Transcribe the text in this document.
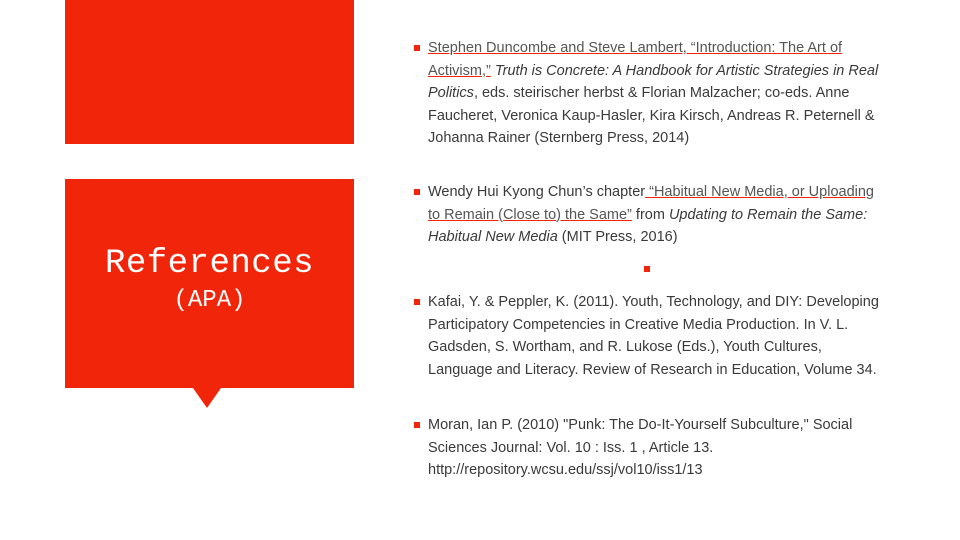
References
(APA)
Stephen Duncombe and Steve Lambert, “Introduction: The Art of Activism,” Truth is Concrete: A Handbook for Artistic Strategies in Real Politics, eds. steirischer herbst & Florian Malzacher; co-eds. Anne Faucheret, Veronica Kaup-Hasler, Kira Kirsch, Andreas R. Peternell & Johanna Rainer (Sternberg Press, 2014)
Wendy Hui Kyong Chun’s chapter “Habitual New Media, or Uploading to Remain (Close to) the Same” from Updating to Remain the Same: Habitual New Media (MIT Press, 2016)
Kafai, Y. & Peppler, K. (2011). Youth, Technology, and DIY: Developing Participatory Competencies in Creative Media Production. In V. L. Gadsden, S. Wortham, and R. Lukose (Eds.), Youth Cultures, Language and Literacy. Review of Research in Education, Volume 34.
Moran, Ian P. (2010) "Punk: The Do-It-Yourself Subculture," Social Sciences Journal: Vol. 10 : Iss. 1 , Article 13. http://repository.wcsu.edu/ssj/vol10/iss1/13
